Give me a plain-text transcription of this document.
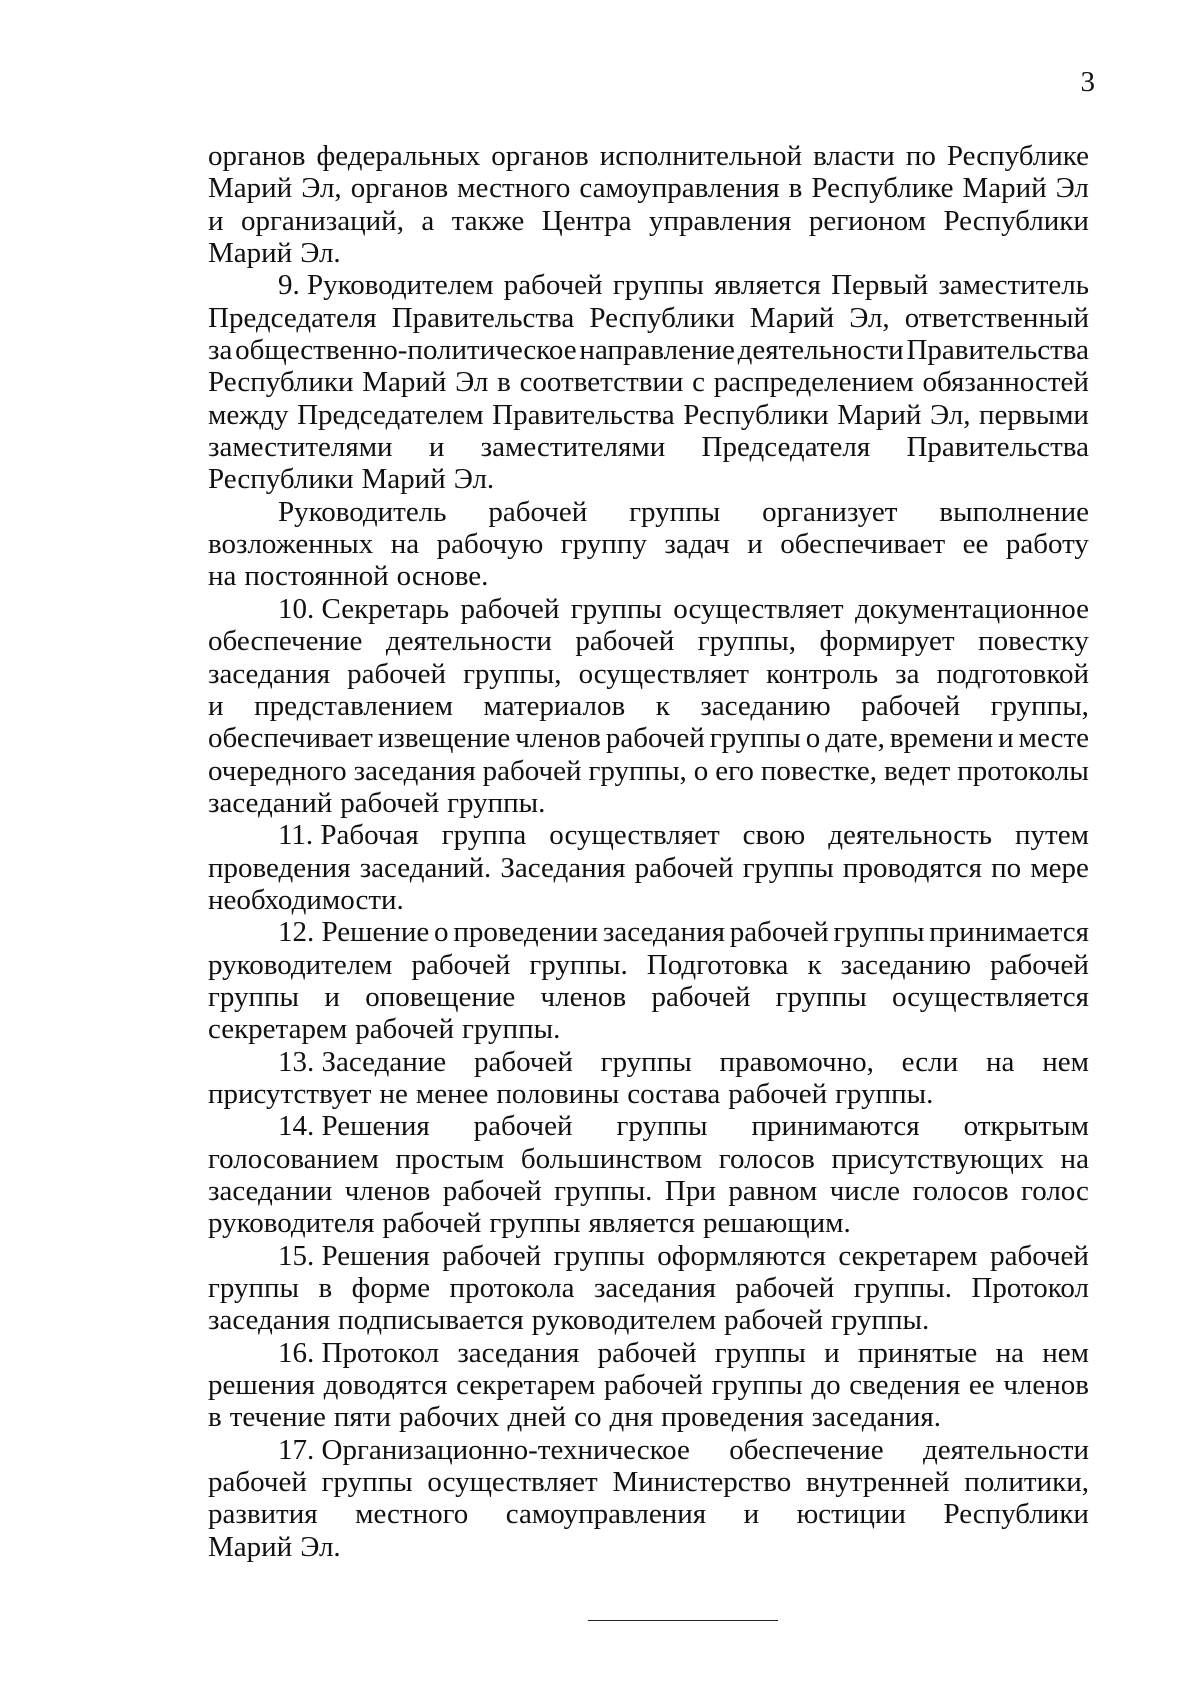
3
органов федеральных органов исполнительной власти по Республике
Марий Эл, органов местного самоуправления в Республике Марий Эл
и организаций, а также Центра управления регионом Республики
Марий Эл.
9. Руководителем рабочей группы является Первый заместитель
Председателя Правительства Республики Марий Эл, ответственный
за общественно-политическое направление деятельности Правительства
Республики Марий Эл в соответствии с распределением обязанностей
между Председателем Правительства Республики Марий Эл, первыми
заместителями и заместителями Председателя Правительства
Республики Марий Эл.
Руководитель рабочей группы организует выполнение
возложенных на рабочую группу задач и обеспечивает ее работу
на постоянной основе.
10. Секретарь рабочей группы осуществляет документационное
обеспечение деятельности рабочей группы, формирует повестку
заседания рабочей группы, осуществляет контроль за подготовкой
и представлением материалов к заседанию рабочей группы,
обеспечивает извещение членов рабочей группы о дате, времени и месте
очередного заседания рабочей группы, о его повестке, ведет протоколы
заседаний рабочей группы.
11. Рабочая группа осуществляет свою деятельность путем
проведения заседаний. Заседания рабочей группы проводятся по мере
необходимости.
12. Решение о проведении заседания рабочей группы принимается
руководителем рабочей группы. Подготовка к заседанию рабочей
группы и оповещение членов рабочей группы осуществляется
секретарем рабочей группы.
13. Заседание рабочей группы правомочно, если на нем
присутствует не менее половины состава рабочей группы.
14. Решения рабочей группы принимаются открытым
голосованием простым большинством голосов присутствующих на
заседании членов рабочей группы. При равном числе голосов голос
руководителя рабочей группы является решающим.
15. Решения рабочей группы оформляются секретарем рабочей
группы в форме протокола заседания рабочей группы. Протокол
заседания подписывается руководителем рабочей группы.
16. Протокол заседания рабочей группы и принятые на нем
решения доводятся секретарем рабочей группы до сведения ее членов
в течение пяти рабочих дней со дня проведения заседания.
17. Организационно-техническое обеспечение деятельности
рабочей группы осуществляет Министерство внутренней политики,
развития местного самоуправления и юстиции Республики
Марий Эл.
